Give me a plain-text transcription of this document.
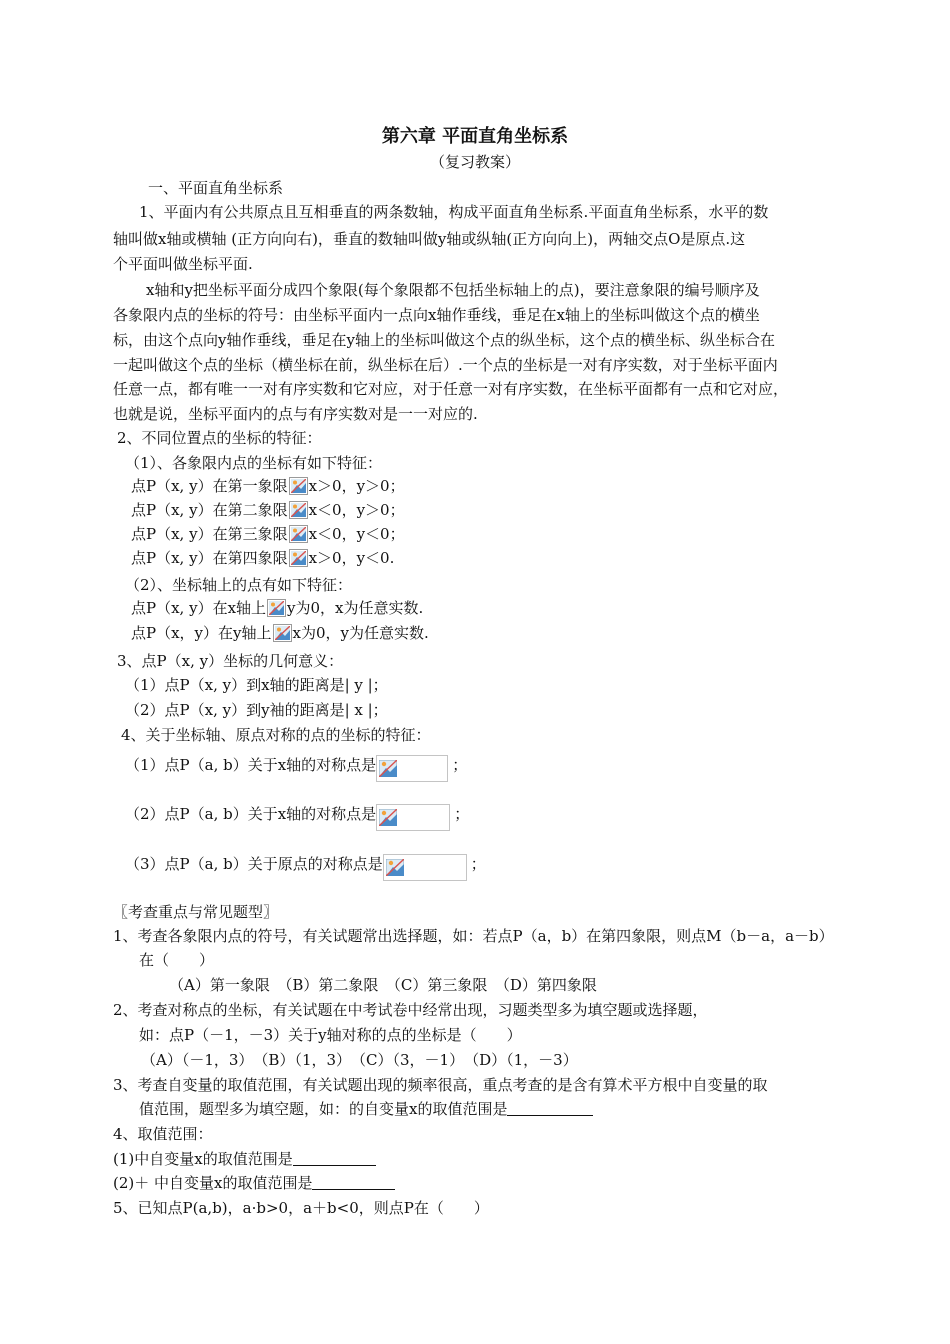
第六章 平面直角坐标系
（复习教案）
一、平面直角坐标系
1、平面内有公共原点且互相垂直的两条数轴，构成平面直角坐标系.平面直角坐标系，水平的数
轴叫做x轴或横轴 (正方向向右)，垂直的数轴叫做y轴或纵轴(正方向向上)，两轴交点O是原点.这
个平面叫做坐标平面.
x轴和y把坐标平面分成四个象限(每个象限都不包括坐标轴上的点)，要注意象限的编号顺序及
各象限内点的坐标的符号：由坐标平面内一点向x轴作垂线，垂足在x轴上的坐标叫做这个点的横坐
标，由这个点向y轴作垂线，垂足在y轴上的坐标叫做这个点的纵坐标，这个点的横坐标、纵坐标合在
一起叫做这个点的坐标（横坐标在前，纵坐标在后）.一个点的坐标是一对有序实数，对于坐标平面内
任意一点，都有唯一一对有序实数和它对应，对于任意一对有序实数，在坐标平面都有一点和它对应，
也就是说，坐标平面内的点与有序实数对是一一对应的.
2、不同位置点的坐标的特征：
（1）、各象限内点的坐标有如下特征：
点P（x, y）在第一象限 x＞0，y＞0；
点P（x, y）在第二象限 x＜0，y＞0；
点P（x, y）在第三象限 x＜0，y＜0；
点P（x, y）在第四象限 x＞0，y＜0.
（2）、坐标轴上的点有如下特征：
点P（x, y）在x轴上 y为0，x为任意实数.
点P（x，y）在y轴上 x为0，y为任意实数.
3、点P（x, y）坐标的几何意义：
（1）点P（x, y）到x轴的距离是| y |；
（2）点P（x, y）到y袖的距离是| x |；
4、关于坐标轴、原点对称的点的坐标的特征：
（1）点P（a, b）关于x轴的对称点是	；
（2）点P（a, b）关于x轴的对称点是	；
（3）点P（a, b）关于原点的对称点是	；
〖考查重点与常见题型〗
1、考查各象限内点的符号，有关试题常出选择题，如：若点P（a，b）在第四象限，则点M（b－a，a－b）
在（　　）
（A）第一象限　（B）第二象限　（C）第三象限　（D）第四象限
2、考查对称点的坐标，有关试题在中考试卷中经常出现，习题类型多为填空题或选择题，
如：点P（－1，－3）关于y轴对称的点的坐标是（　　）
（A）（－1，3）　（B）（1，3）　（C）（3，－1）　（D）（1，－3）
3、考查自变量的取值范围，有关试题出现的频率很高，重点考查的是含有算术平方根中自变量的取
值范围，题型多为填空题，如：的自变量x的取值范围是
4、取值范围：
(1)中自变量x的取值范围是
(2)＋ 中自变量x的取值范围是
5、已知点P(a,b)，a·b>0，a＋b<0，则点P在（　　）
